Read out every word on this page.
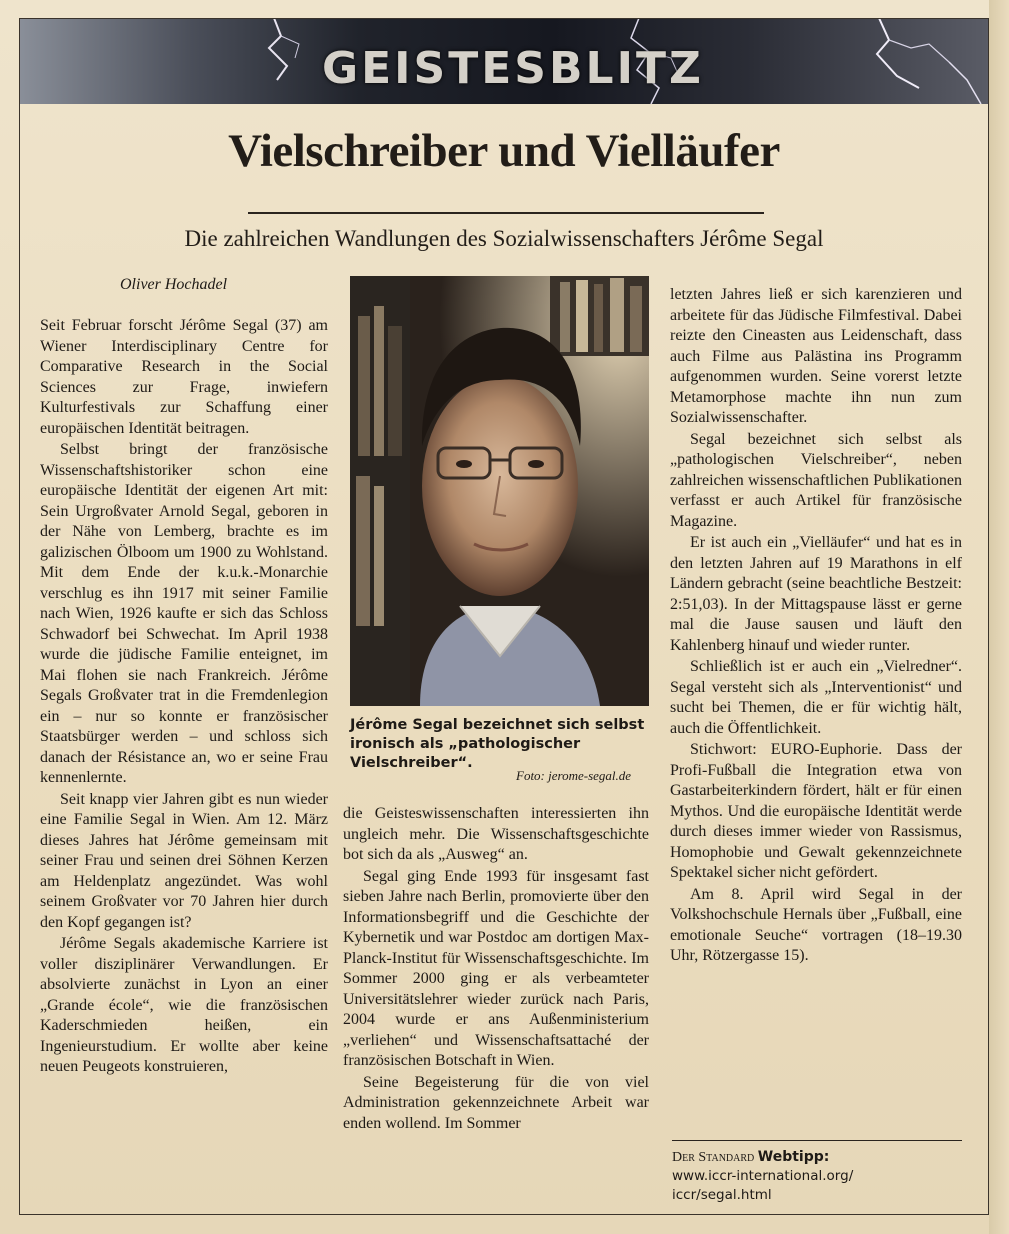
GEISTESBLITZ
Vielschreiber und Vielläufer
Die zahlreichen Wandlungen des Sozialwissenschafters Jérôme Segal
Oliver Hochadel

Seit Februar forscht Jérôme Segal (37) am Wiener Interdisciplinary Centre for Comparative Research in the Social Sciences zur Frage, inwiefern Kulturfestivals zur Schaffung einer europäischen Identität beitragen.

Selbst bringt der französische Wissenschaftshistoriker schon eine europäische Identität der eigenen Art mit: Sein Urgroßvater Arnold Segal, geboren in der Nähe von Lemberg, brachte es im galizischen Ölboom um 1900 zu Wohlstand. Mit dem Ende der k.u.k.-Monarchie verschlug es ihn 1917 mit seiner Familie nach Wien, 1926 kaufte er sich das Schloss Schwadorf bei Schwechat. Im April 1938 wurde die jüdische Familie enteignet, im Mai flohen sie nach Frankreich. Jérôme Segals Großvater trat in die Fremdenlegion ein – nur so konnte er französischer Staatsbürger werden – und schloss sich danach der Résistance an, wo er seine Frau kennenlernte.

Seit knapp vier Jahren gibt es nun wieder eine Familie Segal in Wien. Am 12. März dieses Jahres hat Jérôme gemeinsam mit seiner Frau und seinen drei Söhnen Kerzen am Heldenplatz angezündet. Was wohl seinem Großvater vor 70 Jahren hier durch den Kopf gegangen ist?

Jérôme Segals akademische Karriere ist voller disziplinärer Verwandlungen. Er absolvierte zunächst in Lyon an einer „Grande école“, wie die französischen Kaderschmieden heißen, ein Ingenieurstudium. Er wollte aber keine neuen Peugeots konstruieren,

Jérôme Segal bezeichnet sich selbst ironisch als „pathologischer Vielschreiber“.
Foto: jerome-segal.de

die Geisteswissenschaften interessierten ihn ungleich mehr. Die Wissenschaftsgeschichte bot sich da als „Ausweg“ an.

Segal ging Ende 1993 für insgesamt fast sieben Jahre nach Berlin, promovierte über den Informationsbegriff und die Geschichte der Kybernetik und war Postdoc am dortigen Max-Planck-Institut für Wissenschaftsgeschichte. Im Sommer 2000 ging er als verbeamteter Universitätslehrer wieder zurück nach Paris, 2004 wurde er ans Außenministerium „verliehen“ und Wissenschaftsattaché der französischen Botschaft in Wien.

Seine Begeisterung für die von viel Administration gekennzeichnete Arbeit war enden wollend. Im Sommer

letzten Jahres ließ er sich karenzieren und arbeitete für das Jüdische Filmfestival. Dabei reizte den Cineasten aus Leidenschaft, dass auch Filme aus Palästina ins Programm aufgenommen wurden. Seine vorerst letzte Metamorphose machte ihn nun zum Sozialwissenschafter.

Segal bezeichnet sich selbst als „pathologischen Vielschreiber“, neben zahlreichen wissenschaftlichen Publikationen verfasst er auch Artikel für französische Magazine.

Er ist auch ein „Vielläufer“ und hat es in den letzten Jahren auf 19 Marathons in elf Ländern gebracht (seine beachtliche Bestzeit: 2:51,03). In der Mittagspause lässt er gerne mal die Jause sausen und läuft den Kahlenberg hinauf und wieder runter.

Schließlich ist er auch ein „Vielredner“. Segal versteht sich als „Interventionist“ und sucht bei Themen, die er für wichtig hält, auch die Öffentlichkeit.

Stichwort: EURO-Euphorie. Dass der Profi-Fußball die Integration etwa von Gastarbeiterkindern fördert, hält er für einen Mythos. Und die europäische Identität werde durch dieses immer wieder von Rassismus, Homophobie und Gewalt gekennzeichnete Spektakel sicher nicht gefördert.

Am 8. April wird Segal in der Volkshochschule Hernals über „Fußball, eine emotionale Seuche“ vortragen (18–19.30 Uhr, Rötzergasse 15).

Der Standard Webtipp:
www.iccr-international.org/
iccr/segal.html
